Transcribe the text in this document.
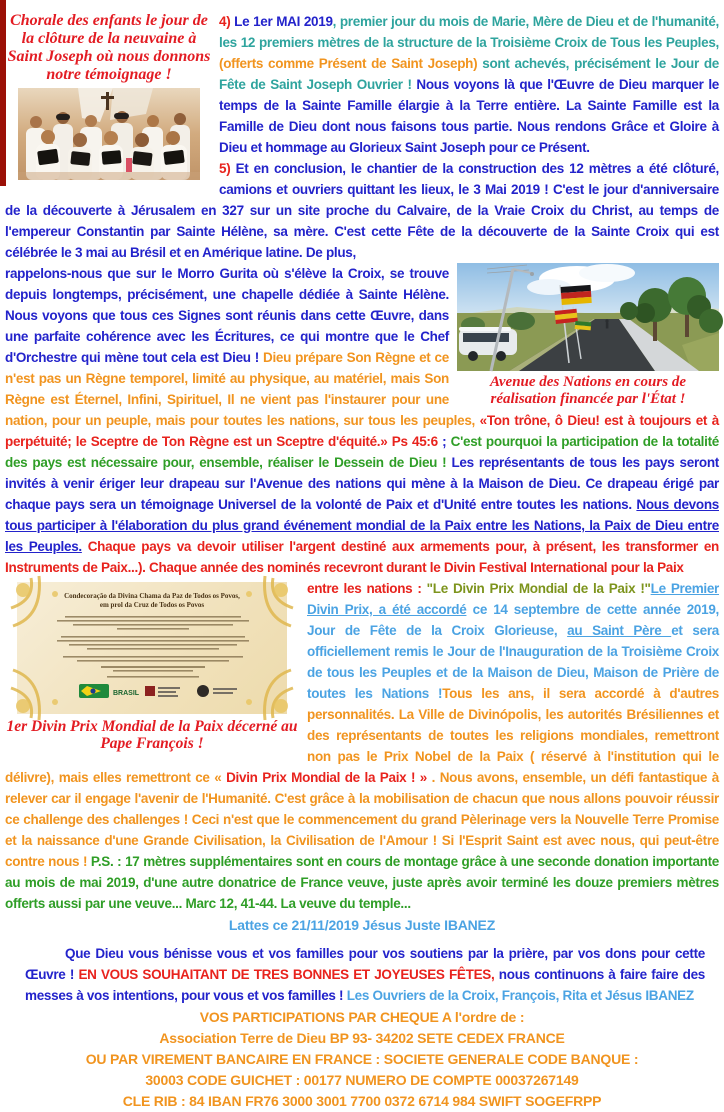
Chorale des enfants le jour de la clôture de la neuvaine à Saint Joseph où nous donnons notre témoignage !

4) Le 1er MAI 2019, premier jour du mois de Marie, Mère de Dieu et de l'humanité, les 12 premiers mètres de la structure de la Troisième Croix de Tous les Peuples, (offerts comme Présent de Saint Joseph) sont achevés, précisément le Jour de Fête de Saint Joseph Ouvrier ! Nous voyons là que l'Œuvre de Dieu marquer le temps de la Sainte Famille élargie à la Terre entière. La Sainte Famille est la Famille de Dieu dont nous faisons tous partie. Nous rendons Grâce et Gloire à Dieu et hommage au Glorieux Saint Joseph pour ce Présent.

5) Et en conclusion, le chantier de la construction des 12 mètres a été clôturé, camions et ouvriers quittant les lieux, le 3 Mai 2019 ! C'est le jour d'anniversaire de la découverte à Jérusalem en 327 sur un site proche du Calvaire, de la Vraie Croix du Christ, au temps de l'empereur Constantin par Sainte Hélène, sa mère. C'est cette Fête de la découverte de la Sainte Croix qui est célébrée le 3 mai au Brésil et en Amérique latine. De plus,

Avenue des Nations en cours de réalisation financée par l'État !

rappelons-nous que sur le Morro Gurita où s'élève la Croix, se trouve depuis longtemps, précisément, une chapelle dédiée à Sainte Hélène. Nous voyons que tous ces Signes sont réunis dans cette Œuvre, dans une parfaite cohérence avec les Écritures, ce qui montre que le Chef d'Orchestre qui mène tout cela est Dieu ! Dieu prépare Son Règne et ce n'est pas un Règne temporel, limité au physique, au matériel, mais Son Règne est Éternel, Infini, Spirituel, Il ne vient pas l'instaurer pour une nation, pour un peuple, mais pour toutes les nations, sur tous les peuples, «Ton trône, ô Dieu! est à toujours et à perpétuité; le Sceptre de Ton Règne est un Sceptre d'équité.» Ps 45:6 ; C'est pourquoi la participation de la totalité des pays est nécessaire pour, ensemble, réaliser le Dessein de Dieu ! Les représentants de tous les pays seront invités à venir ériger leur drapeau sur l'Avenue des nations qui mène à la Maison de Dieu. Ce drapeau érigé par chaque pays sera un témoignage Universel de la volonté de Paix et d'Unité entre toutes les nations. Nous devons tous participer à l'élaboration du plus grand événement mondial de la Paix entre les Nations, la Paix de Dieu entre les Peuples. Chaque pays va devoir utiliser l'argent destiné aux armements pour, à présent, les transformer en Instruments de Paix...). Chaque année des nominés recevront durant le Divin Festival International pour la Paix

BRASIL
Condecoração da Divina Chama da Paz de Todos os Povos,
em prol da Cruz de Todos os Povos
1er Divin Prix Mondial de la Paix décerné au Pape François !

entre les nations : "Le Divin Prix Mondial de la Paix !"Le Premier Divin Prix, a été accordé ce 14 septembre de cette année 2019, Jour de Fête de la Croix Glorieuse, au Saint Père et sera officiellement remis le Jour de l'Inauguration de la Troisième Croix de tous les Peuples et de la Maison de Dieu, Maison de Prière de toutes les Nations !Tous les ans, il sera accordé à d'autres personnalités. La Ville de Divinópolis, les autorités Brésiliennes et des représentants de toutes les religions mondiales, remettront non pas le Prix Nobel de la Paix ( réservé à l'institution qui le délivre), mais elles remettront ce « Divin Prix Mondial de la Paix ! » . Nous avons, ensemble, un défi fantastique à relever car il engage l'avenir de l'Humanité. C'est grâce à la mobilisation de chacun que nous allons pouvoir réussir ce challenge des challenges ! Ceci n'est que le commencement du grand Pèlerinage vers la Nouvelle Terre Promise et la naissance d'une Grande Civilisation, la Civilisation de l'Amour ! Si l'Esprit Saint est avec nous, qui peut-être contre nous ! P.S. : 17 mètres supplémentaires sont en cours de montage grâce à une seconde donation importante au mois de mai 2019, d'une autre donatrice de France veuve, juste après avoir terminé les douze premiers mètres offerts aussi par une veuve... Marc 12, 41-44. La veuve du temple...

Lattes ce 21/11/2019 Jésus Juste IBANEZ

Que Dieu vous bénisse vous et vos familles pour vos soutiens par la prière, par vos dons pour cette Œuvre ! EN VOUS SOUHAITANT DE TRES BONNES ET JOYEUSES FÊTES, nous continuons à faire faire des messes à vos intentions, pour vous et vos familles ! Les Ouvriers de la Croix, François, Rita et Jésus IBANEZ

VOS PARTICIPATIONS PAR CHEQUE A l'ordre de :
Association Terre de Dieu BP 93- 34202 SETE CEDEX FRANCE
OU PAR VIREMENT BANCAIRE EN FRANCE : SOCIETE GENERALE CODE BANQUE :
30003 CODE GUICHET : 00177 NUMERO DE COMPTE 00037267149
CLE RIB : 84 IBAN FR76 3000 3001 7700 0372 6714 984 SWIFT SOGEFRPP
